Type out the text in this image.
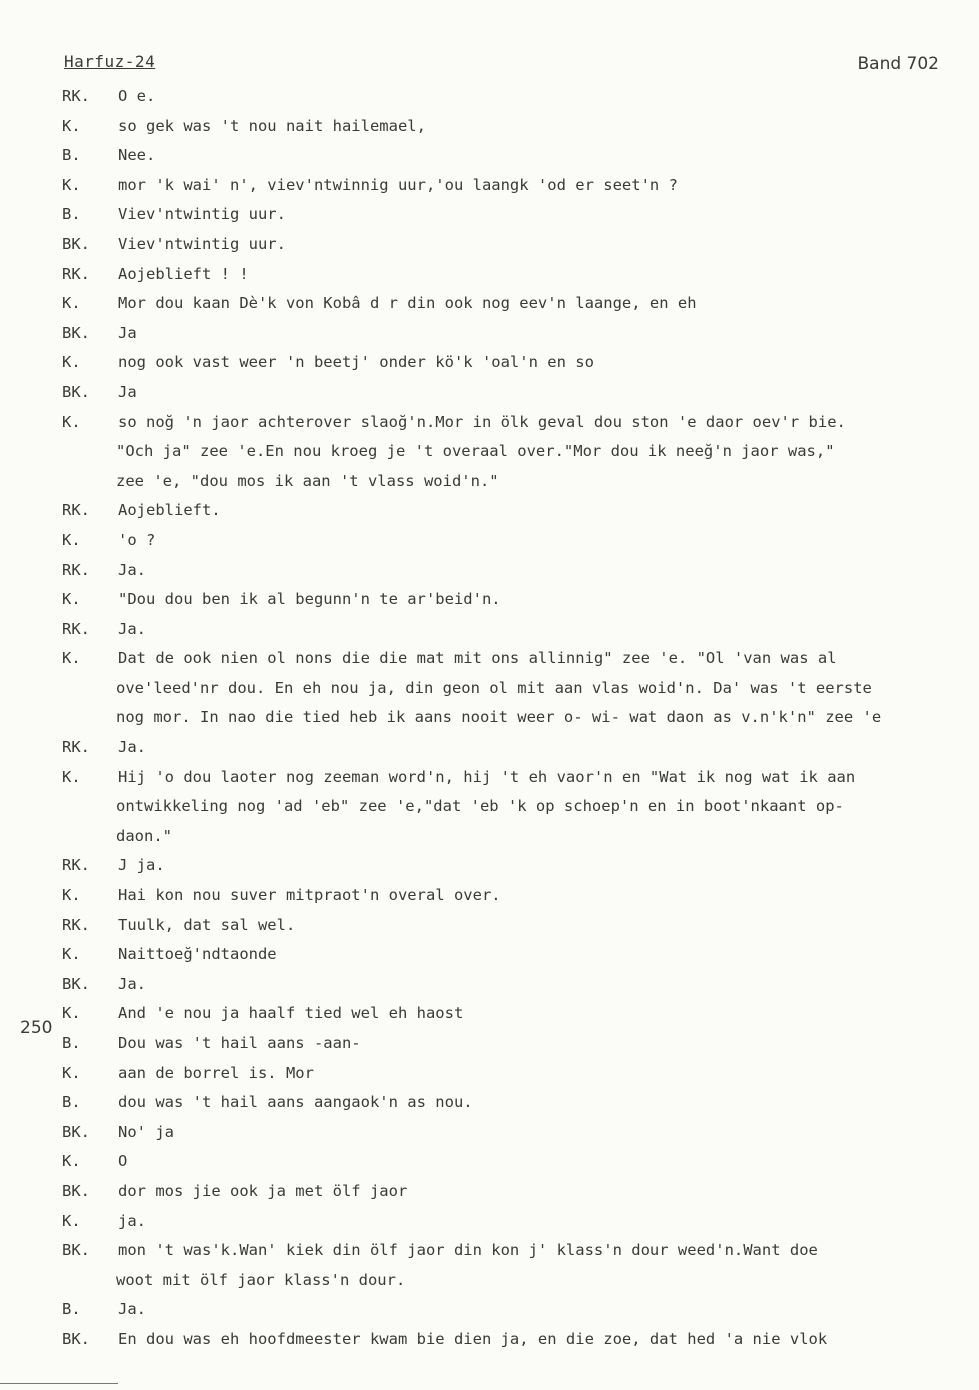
Harfuz-24	Band 702
250
RK.	O e.
K.	so gek was 't nou nait hailemael,
B.	Nee.
K.	mor 'k wai' n', viev'ntwinnig uur,'ou laangk 'od er seet'n ?
B.	Viev'ntwintig uur.
BK.	Viev'ntwintig uur.
RK.	Aojeblieft ! !
K.	Mor dou kaan Dè'k von Kobâ d r din ook nog eev'n laange, en eh
BK.	Ja
K.	nog ook vast weer 'n beetj' onder kö'k 'oal'n en so
BK.	Ja
K.	so noğ 'n jaor achterover slaoğ'n.Mor in ölk geval dou ston 'e daor oev'r bie.
"Och ja" zee 'e.En nou kroeg je 't overaal over."Mor dou ik neeğ'n jaor was,"
zee 'e, "dou mos ik aan 't vlass woid'n."
RK.	Aojeblieft.
K.	'o ?
RK.	Ja.
K.	"Dou dou ben ik al begunn'n te ar'beid'n.
RK.	Ja.
K.	Dat de ook nien ol nons die die mat mit ons allinnig" zee 'e. "Ol 'van was al
ove'leed'nr dou. En eh nou ja, din geon ol mit aan vlas woid'n. Da' was 't eerste
nog mor. In nao die tied heb ik aans nooit weer o- wi- wat daon as v.n'k'n" zee 'e
RK.	Ja.
K.	Hij 'o dou laoter nog zeeman word'n, hij 't eh vaor'n en "Wat ik nog wat ik aan
ontwikkeling nog 'ad 'eb" zee 'e,"dat 'eb 'k op schoep'n en in boot'nkaant op-
daon."
RK.	J ja.
K.	Hai kon nou suver mitpraot'n overal over.
RK.	Tuulk, dat sal wel.
K.	Naittoeğ'ndtaonde
BK.	Ja.
K.	And 'e nou ja haalf tied wel eh haost
B.	Dou was 't hail aans -aan-
K.	aan de borrel is. Mor
B.	dou was 't hail aans aangaok'n as nou.
BK.	No' ja
K.	O
BK.	dor mos jie ook ja met ölf jaor
K.	ja.
BK.	mon 't was'k.Wan' kiek din ölf jaor din kon j' klass'n dour weed'n.Want doe
woot mit ölf jaor klass'n dour.
B.	Ja.
BK.	En dou was eh hoofdmeester kwam bie dien ja, en die zoe, dat hed 'a nie vlok
